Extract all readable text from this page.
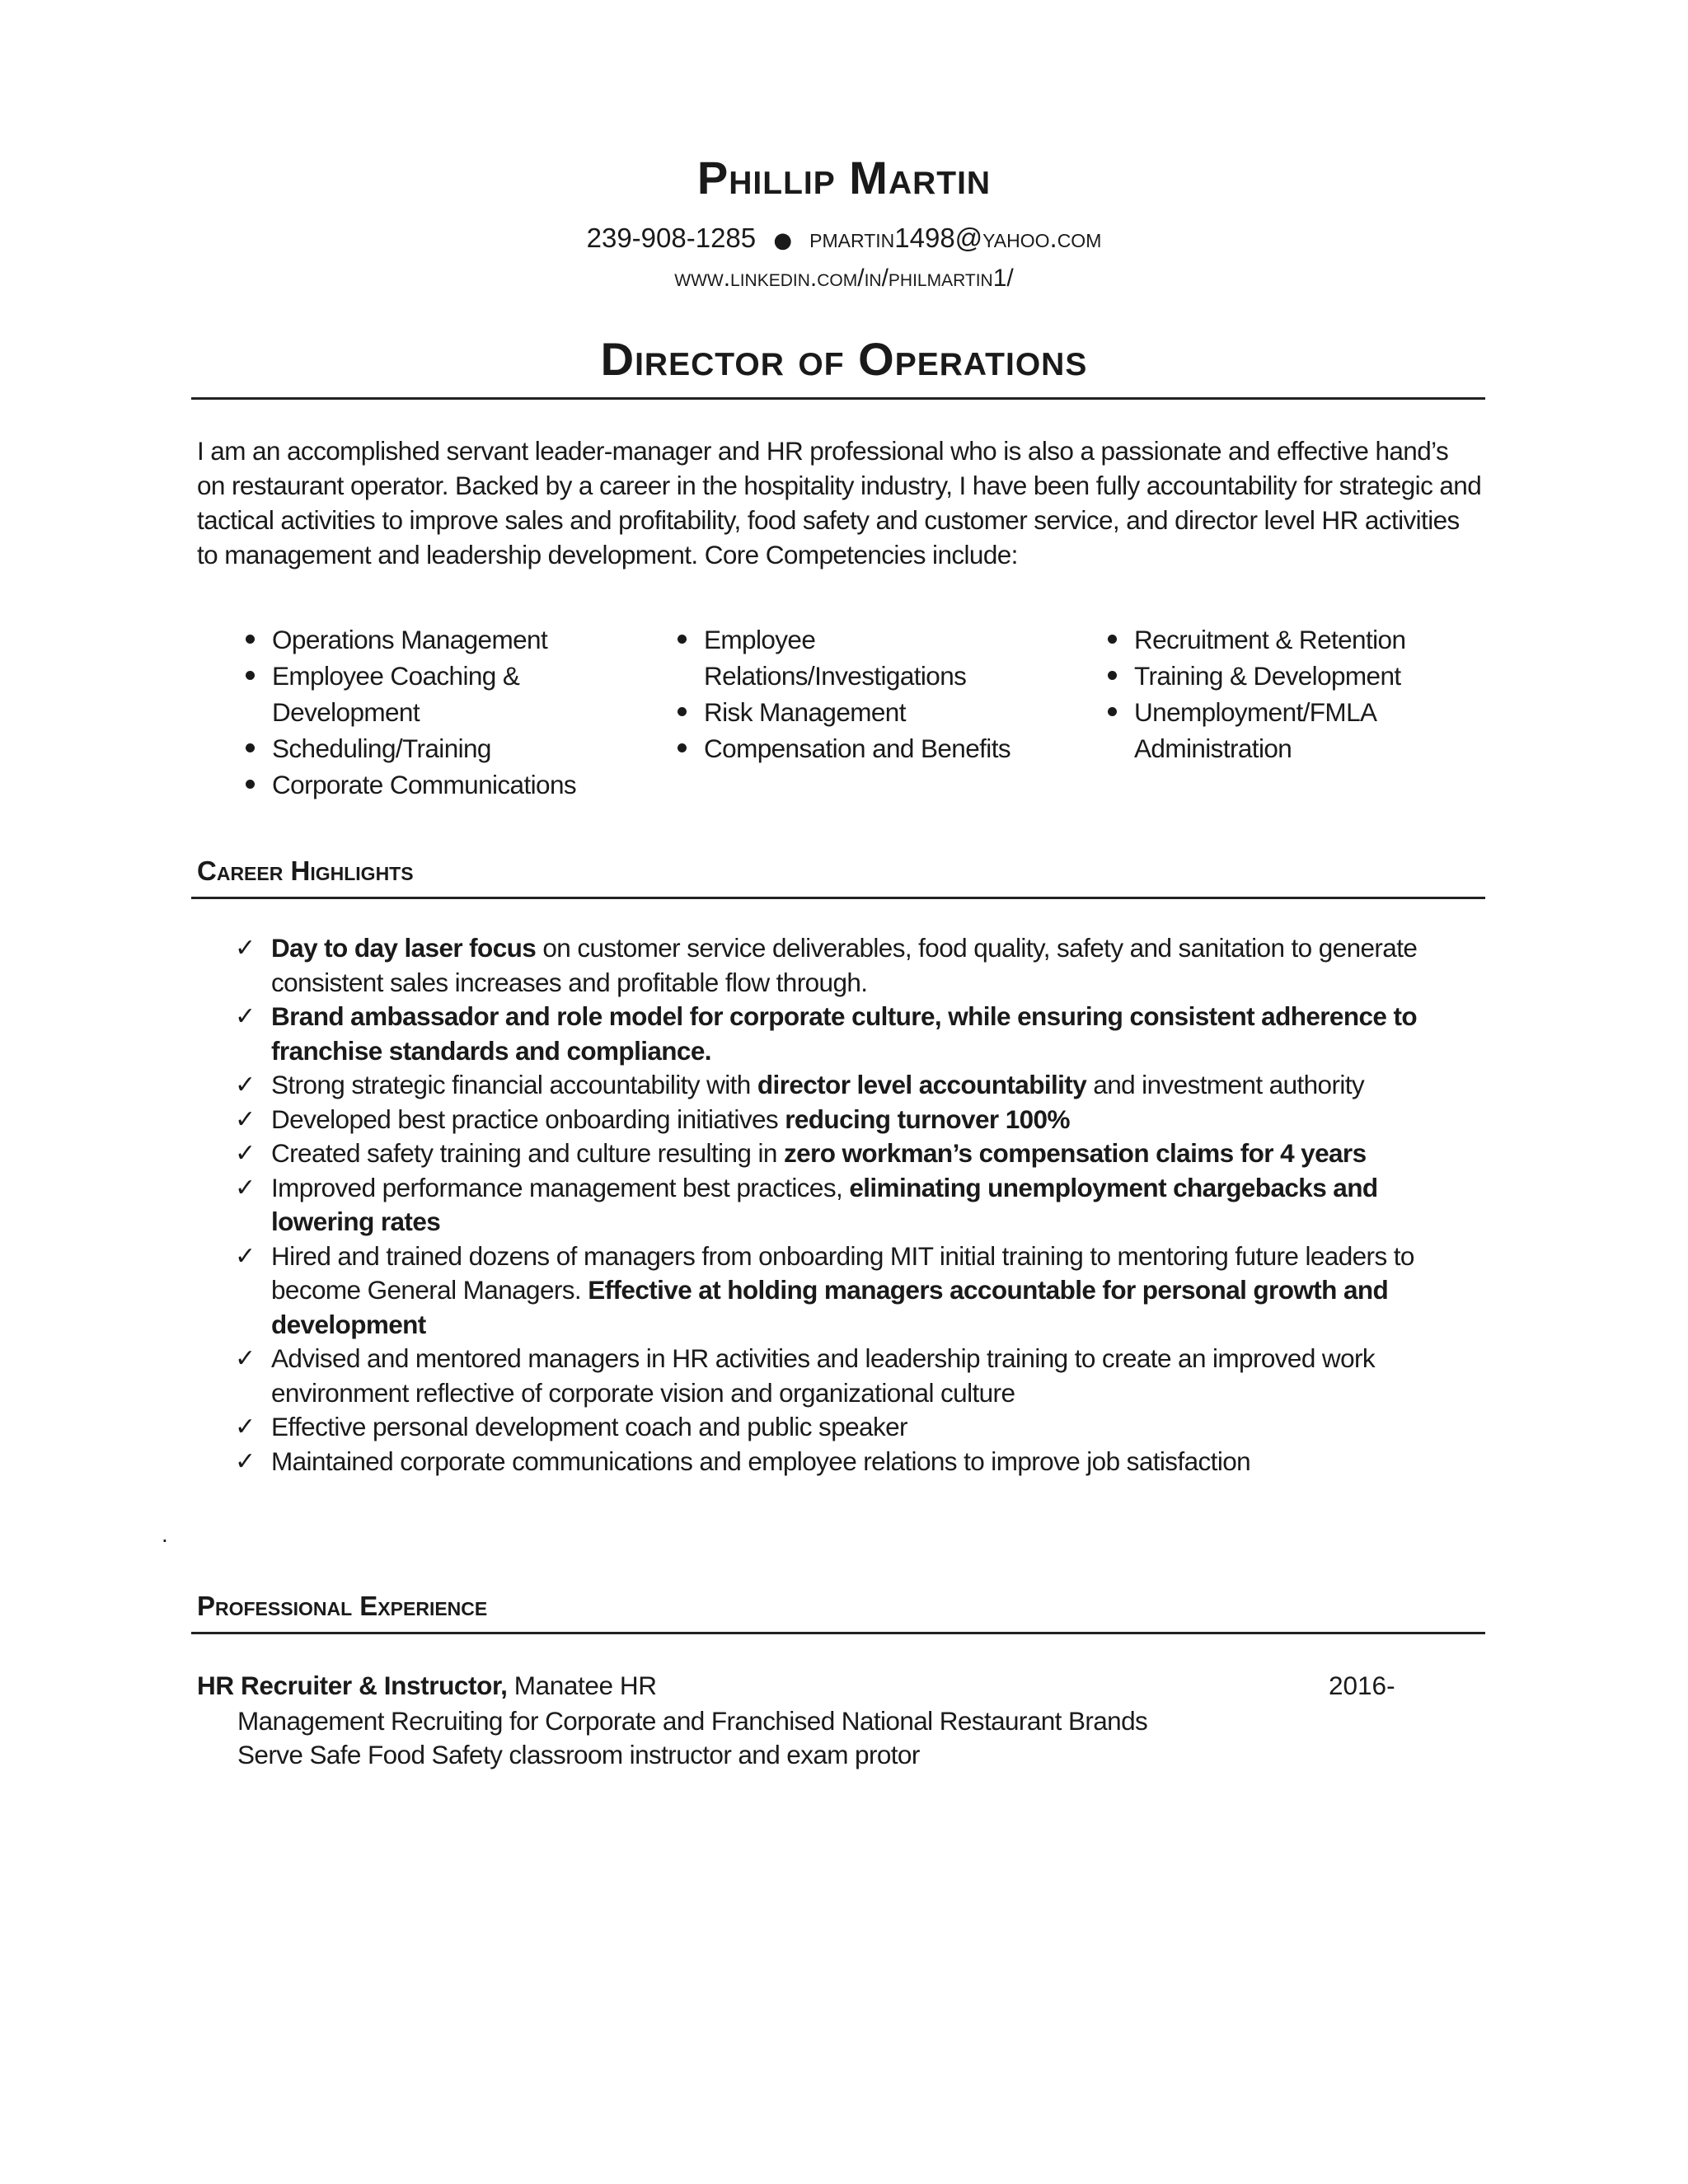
Phillip Martin
239-908-1285 ● pmartin1498@yahoo.com
www.linkedin.com/in/philmartin1/
Director of Operations
I am an accomplished servant leader-manager and HR professional who is also a passionate and effective hand’s on restaurant operator. Backed by a career in the hospitality industry, I have been fully accountability for strategic and tactical activities to improve sales and profitability, food safety and customer service, and director level HR activities to management and leadership development. Core Competencies include:
Operations Management
Employee Coaching & Development
Scheduling/Training
Corporate Communications
Employee Relations/Investigations
Risk Management
Compensation and Benefits
Recruitment & Retention
Training & Development
Unemployment/FMLA Administration
Career Highlights
✓ Day to day laser focus on customer service deliverables, food quality, safety and sanitation to generate consistent sales increases and profitable flow through.
✓ Brand ambassador and role model for corporate culture, while ensuring consistent adherence to franchise standards and compliance.
✓ Strong strategic financial accountability with director level accountability and investment authority
✓ Developed best practice onboarding initiatives reducing turnover 100%
✓ Created safety training and culture resulting in zero workman’s compensation claims for 4 years
✓ Improved performance management best practices, eliminating unemployment chargebacks and lowering rates
✓ Hired and trained dozens of managers from onboarding MIT initial training to mentoring future leaders to become General Managers. Effective at holding managers accountable for personal growth and development
✓ Advised and mentored managers in HR activities and leadership training to create an improved work environment reflective of corporate vision and organizational culture
✓ Effective personal development coach and public speaker
✓ Maintained corporate communications and employee relations to improve job satisfaction
.
Professional Experience
HR Recruiter & Instructor, Manatee HR	2016-
Management Recruiting for Corporate and Franchised National Restaurant Brands
Serve Safe Food Safety classroom instructor and exam protor
